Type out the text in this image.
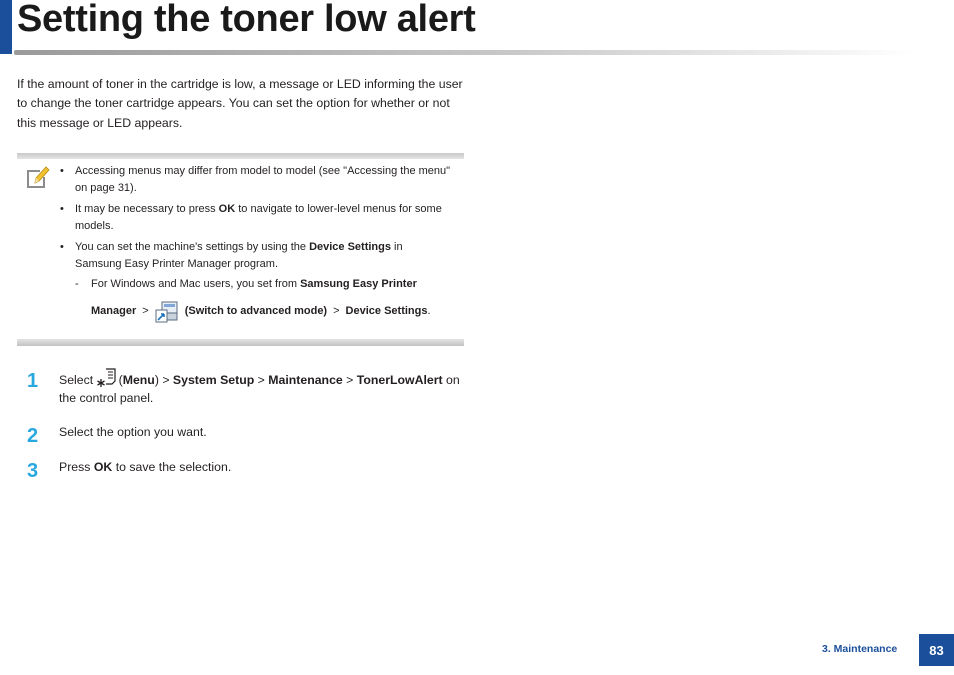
Setting the toner low alert

If the amount of toner in the cartridge is low, a message or LED informing the user to change the toner cartridge appears. You can set the option for whether or not this message or LED appears.

• Accessing menus may differ from model to model (see "Accessing the menu" on page 31).
• It may be necessary to press OK to navigate to lower-level menus for some models.
• You can set the machine's settings by using the Device Settings in
Samsung Easy Printer Manager program.
- For Windows and Mac users, you set from Samsung Easy Printer
Manager >	(Switch to advanced mode) > Device Settings.
1 Select (Menu) > System Setup > Maintenance > TonerLowAlert on the control panel.
2 Select the option you want.
3 Press OK to save the selection.
3. Maintenance	83
